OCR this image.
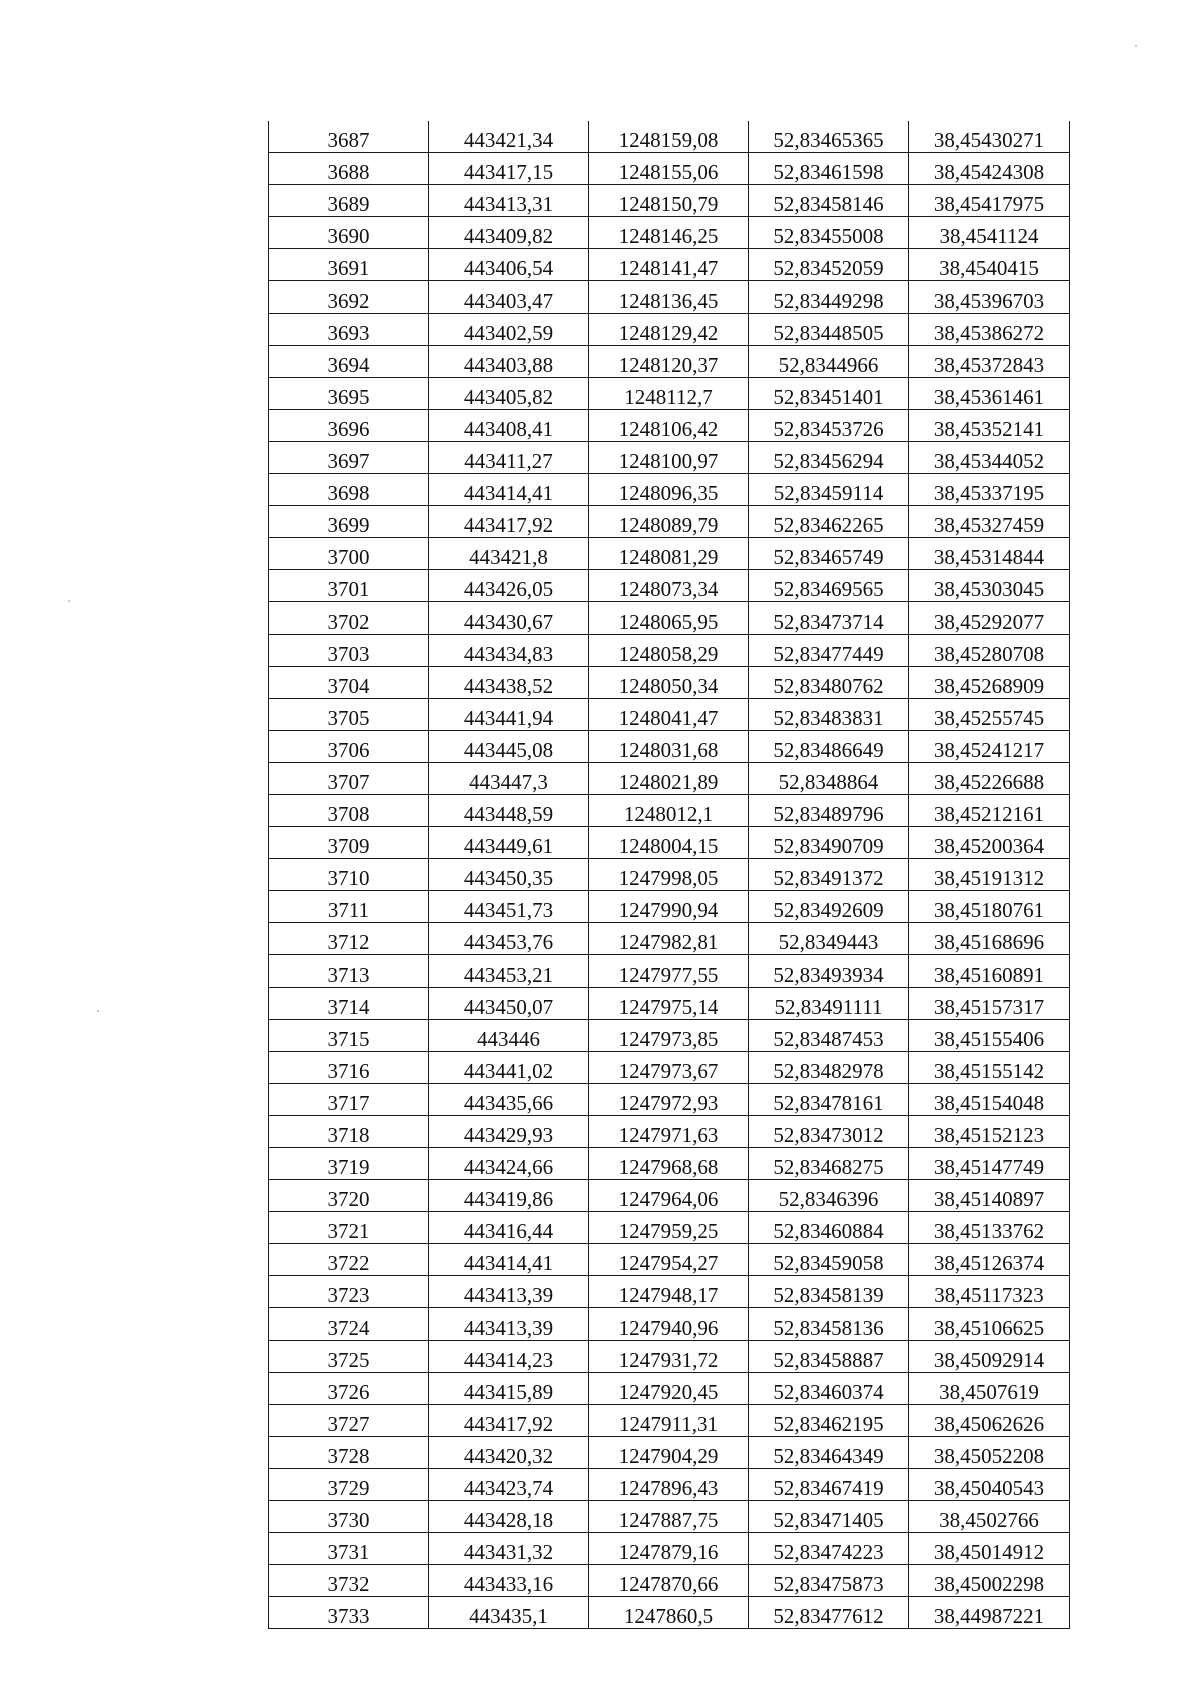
3687	443421,34	1248159,08	52,83465365	38,45430271
3688	443417,15	1248155,06	52,83461598	38,45424308
3689	443413,31	1248150,79	52,83458146	38,45417975
3690	443409,82	1248146,25	52,83455008	38,4541124
3691	443406,54	1248141,47	52,83452059	38,4540415
3692	443403,47	1248136,45	52,83449298	38,45396703
3693	443402,59	1248129,42	52,83448505	38,45386272
3694	443403,88	1248120,37	52,8344966	38,45372843
3695	443405,82	1248112,7	52,83451401	38,45361461
3696	443408,41	1248106,42	52,83453726	38,45352141
3697	443411,27	1248100,97	52,83456294	38,45344052
3698	443414,41	1248096,35	52,83459114	38,45337195
3699	443417,92	1248089,79	52,83462265	38,45327459
3700	443421,8	1248081,29	52,83465749	38,45314844
3701	443426,05	1248073,34	52,83469565	38,45303045
3702	443430,67	1248065,95	52,83473714	38,45292077
3703	443434,83	1248058,29	52,83477449	38,45280708
3704	443438,52	1248050,34	52,83480762	38,45268909
3705	443441,94	1248041,47	52,83483831	38,45255745
3706	443445,08	1248031,68	52,83486649	38,45241217
3707	443447,3	1248021,89	52,8348864	38,45226688
3708	443448,59	1248012,1	52,83489796	38,45212161
3709	443449,61	1248004,15	52,83490709	38,45200364
3710	443450,35	1247998,05	52,83491372	38,45191312
3711	443451,73	1247990,94	52,83492609	38,45180761
3712	443453,76	1247982,81	52,8349443	38,45168696
3713	443453,21	1247977,55	52,83493934	38,45160891
3714	443450,07	1247975,14	52,83491111	38,45157317
3715	443446	1247973,85	52,83487453	38,45155406
3716	443441,02	1247973,67	52,83482978	38,45155142
3717	443435,66	1247972,93	52,83478161	38,45154048
3718	443429,93	1247971,63	52,83473012	38,45152123
3719	443424,66	1247968,68	52,83468275	38,45147749
3720	443419,86	1247964,06	52,8346396	38,45140897
3721	443416,44	1247959,25	52,83460884	38,45133762
3722	443414,41	1247954,27	52,83459058	38,45126374
3723	443413,39	1247948,17	52,83458139	38,45117323
3724	443413,39	1247940,96	52,83458136	38,45106625
3725	443414,23	1247931,72	52,83458887	38,45092914
3726	443415,89	1247920,45	52,83460374	38,4507619
3727	443417,92	1247911,31	52,83462195	38,45062626
3728	443420,32	1247904,29	52,83464349	38,45052208
3729	443423,74	1247896,43	52,83467419	38,45040543
3730	443428,18	1247887,75	52,83471405	38,4502766
3731	443431,32	1247879,16	52,83474223	38,45014912
3732	443433,16	1247870,66	52,83475873	38,45002298
3733	443435,1	1247860,5	52,83477612	38,44987221
